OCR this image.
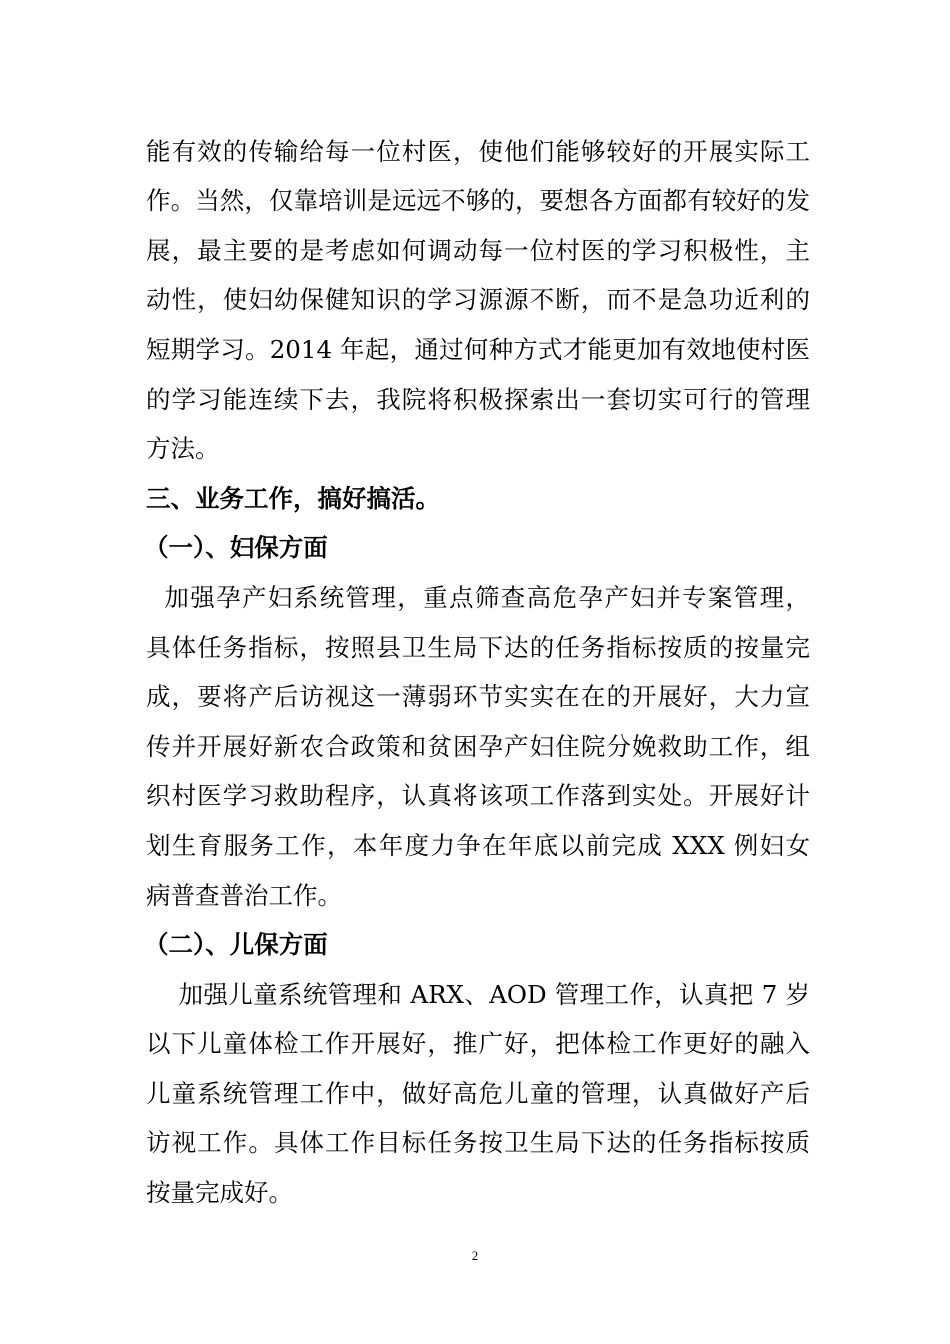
能有效的传输给每一位村医，使他们能够较好的开展实际工
作。当然，仅靠培训是远远不够的，要想各方面都有较好的发
展，最主要的是考虑如何调动每一位村医的学习积极性，主
动性，使妇幼保健知识的学习源源不断，而不是急功近利的
短期学习。2014 年起，通过何种方式才能更加有效地使村医
的学习能连续下去，我院将积极探索出一套切实可行的管理
方法。
三、业务工作，搞好搞活。
（一）、妇保方面
加强孕产妇系统管理，重点筛查高危孕产妇并专案管理，
具体任务指标，按照县卫生局下达的任务指标按质的按量完
成，要将产后访视这一薄弱环节实实在在的开展好，大力宣
传并开展好新农合政策和贫困孕产妇住院分娩救助工作，组
织村医学习救助程序，认真将该项工作落到实处。开展好计
划生育服务工作，本年度力争在年底以前完成 XXX 例妇女
病普查普治工作。
（二）、儿保方面
加强儿童系统管理和 ARX、AOD 管理工作，认真把 7 岁
以下儿童体检工作开展好，推广好，把体检工作更好的融入
儿童系统管理工作中，做好高危儿童的管理，认真做好产后
访视工作。具体工作目标任务按卫生局下达的任务指标按质
按量完成好。
2
